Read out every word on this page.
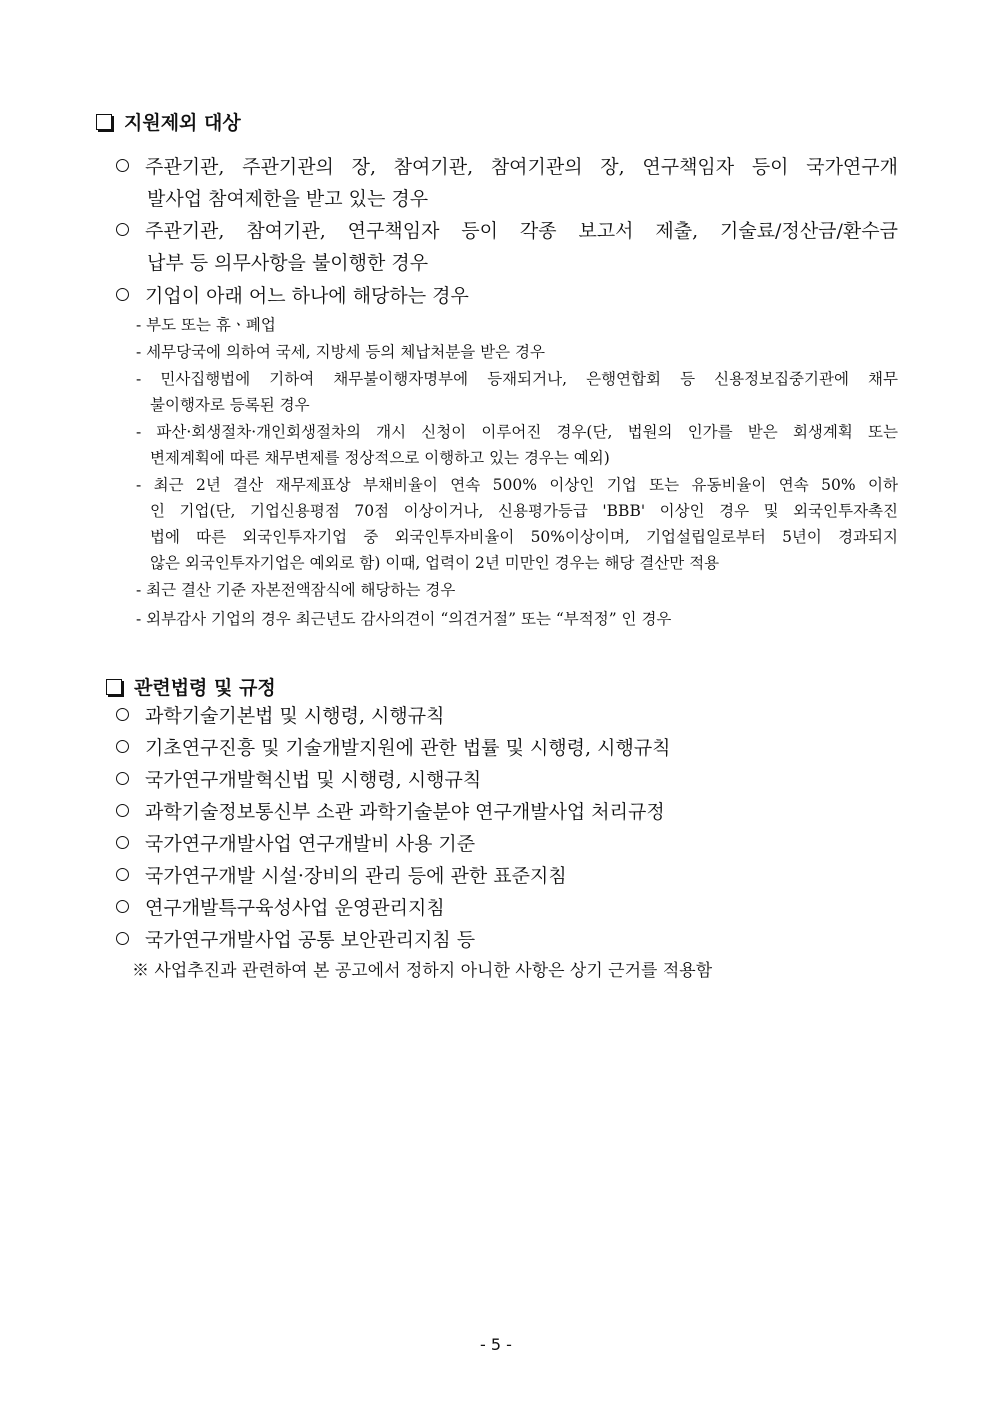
지원제외 대상
주관기관, 주관기관의 장, 참여기관, 참여기관의 장, 연구책임자 등이 국가연구개
발사업 참여제한을 받고 있는 경우
주관기관, 참여기관, 연구책임자 등이 각종 보고서 제출, 기술료/정산금/환수금
납부 등 의무사항을 불이행한 경우
기업이 아래 어느 하나에 해당하는 경우
- 부도 또는 휴ㆍ폐업
- 세무당국에 의하여 국세, 지방세 등의 체납처분을 받은 경우
- 민사집행법에 기하여 채무불이행자명부에 등재되거나, 은행연합회 등 신용정보집중기관에 채무
불이행자로 등록된 경우
- 파산·회생절차·개인회생절차의 개시 신청이 이루어진 경우(단, 법원의 인가를 받은 회생계획 또는
변제계획에 따른 채무변제를 정상적으로 이행하고 있는 경우는 예외)
- 최근 2년 결산 재무제표상 부채비율이 연속 500% 이상인 기업 또는 유동비율이 연속 50% 이하
인 기업(단, 기업신용평점 70점 이상이거나, 신용평가등급 'BBB' 이상인 경우 및 외국인투자촉진
법에 따른 외국인투자기업 중 외국인투자비율이 50%이상이며, 기업설립일로부터 5년이 경과되지
않은 외국인투자기업은 예외로 함) 이때, 업력이 2년 미만인 경우는 해당 결산만 적용
- 최근 결산 기준 자본전액잠식에 해당하는 경우
- 외부감사 기업의 경우 최근년도 감사의견이 “의견거절” 또는 “부적정” 인 경우
관련법령 및 규정
과학기술기본법 및 시행령, 시행규칙
기초연구진흥 및 기술개발지원에 관한 법률 및 시행령, 시행규칙
국가연구개발혁신법 및 시행령, 시행규칙
과학기술정보통신부 소관 과학기술분야 연구개발사업 처리규정
국가연구개발사업 연구개발비 사용 기준
국가연구개발 시설·장비의 관리 등에 관한 표준지침
연구개발특구육성사업 운영관리지침
국가연구개발사업 공통 보안관리지침 등
※ 사업추진과 관련하여 본 공고에서 정하지 아니한 사항은 상기 근거를 적용함
- 5 -
